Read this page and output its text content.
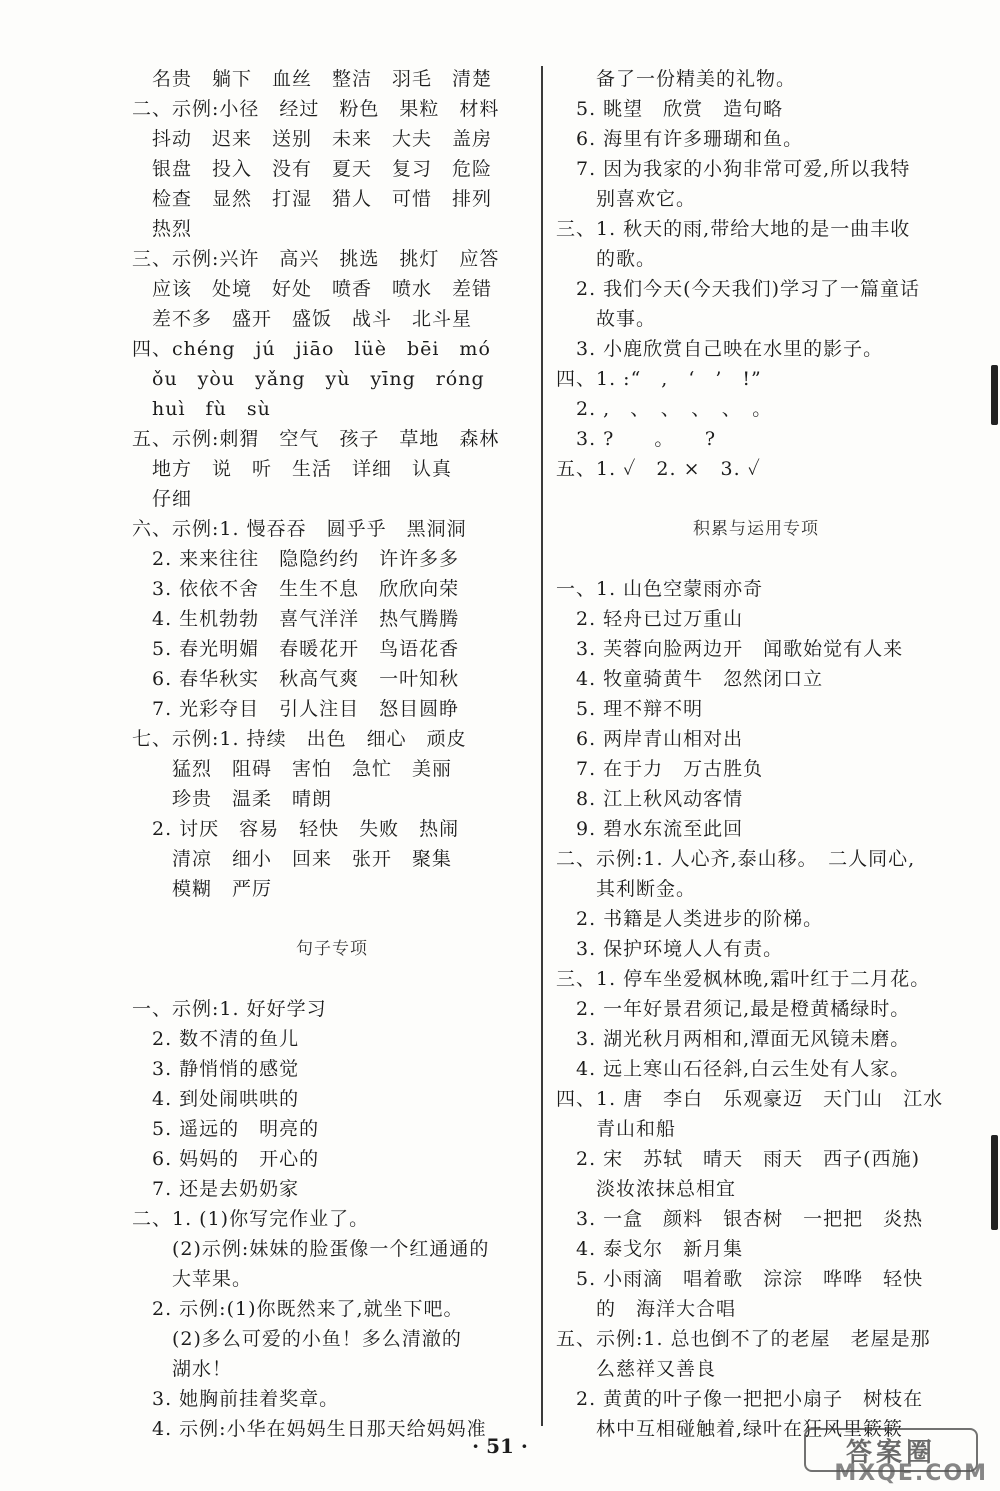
　名贵　躺下　血丝　整洁　羽毛　清楚
二、示例:小径　经过　粉色　果粒　材料
　抖动　迟来　送别　未来　大夫　盖房
　银盘　投入　没有　夏天　复习　危险
　检查　显然　打湿　猎人　可惜　排列
　热烈
三、示例:兴许　高兴　挑选　挑灯　应答
　应该　处境　好处　喷香　喷水　差错
　差不多　盛开　盛饭　战斗　北斗星
四、chéng　jú　jiāo　lüè　bēi　mó
　ǒu　yòu　yǎng　yù　yīng　róng
　huì　fù　sù
五、示例:刺猬　空气　孩子　草地　森林
　地方　说　听　生活　详细　认真
　仔细
六、示例:1. 慢吞吞　圆乎乎　黑洞洞
　2. 来来往往　隐隐约约　许许多多
　3. 依依不舍　生生不息　欣欣向荣
　4. 生机勃勃　喜气洋洋　热气腾腾
　5. 春光明媚　春暖花开　鸟语花香
　6. 春华秋实　秋高气爽　一叶知秋
　7. 光彩夺目　引人注目　怒目圆睁
七、示例:1. 持续　出色　细心　顽皮
　　猛烈　阻碍　害怕　急忙　美丽
　　珍贵　温柔　晴朗
　2. 讨厌　容易　轻快　失败　热闹
　　清凉　细小　回来　张开　聚集
　　模糊　严厉
句子专项
一、示例:1. 好好学习
　2. 数不清的鱼儿
　3. 静悄悄的感觉
　4. 到处闹哄哄的
　5. 遥远的　明亮的
　6. 妈妈的　开心的
　7. 还是去奶奶家
二、1. (1)你写完作业了。
　　(2)示例:妹妹的脸蛋像一个红通通的
　　大苹果。
　2. 示例:(1)你既然来了,就坐下吧。
　　(2)多么可爱的小鱼！多么清澈的
　　湖水！
　3. 她胸前挂着奖章。
　4. 示例:小华在妈妈生日那天给妈妈准
　　备了一份精美的礼物。
　5. 眺望　欣赏　造句略
　6. 海里有许多珊瑚和鱼。
　7. 因为我家的小狗非常可爱,所以我特
　　别喜欢它。
三、1. 秋天的雨,带给大地的是一曲丰收
　　的歌。
　2. 我们今天(今天我们)学习了一篇童话
　　故事。
　3. 小鹿欣赏自己映在水里的影子。
四、1. :“　,　‘　’　!”
　2. ,　、　、　、　、　。
　3. ?　　。　　?
五、1. ✓　2. ×　3. ✓
积累与运用专项
一、1. 山色空蒙雨亦奇
　2. 轻舟已过万重山
　3. 芙蓉向脸两边开　闻歌始觉有人来
　4. 牧童骑黄牛　忽然闭口立
　5. 理不辩不明
　6. 两岸青山相对出
　7. 在于力　万古胜负
　8. 江上秋风动客情
　9. 碧水东流至此回
二、示例:1. 人心齐,泰山移。　二人同心,
　　其利断金。
　2. 书籍是人类进步的阶梯。
　3. 保护环境人人有责。
三、1. 停车坐爱枫林晚,霜叶红于二月花。
　2. 一年好景君须记,最是橙黄橘绿时。
　3. 湖光秋月两相和,潭面无风镜未磨。
　4. 远上寒山石径斜,白云生处有人家。
四、1. 唐　李白　乐观豪迈　天门山　江水
　　青山和船
　2. 宋　苏轼　晴天　雨天　西子(西施)
　　淡妆浓抹总相宜
　3. 一盒　颜料　银杏树　一把把　炎热
　4. 泰戈尔　新月集
　5. 小雨滴　唱着歌　淙淙　哗哗　轻快
　　的　海洋大合唱
五、示例:1. 总也倒不了的老屋　老屋是那
　　么慈祥又善良
　2. 黄黄的叶子像一把把小扇子　树枝在
　　林中互相碰触着,绿叶在狂风里簌簌
· 51 ·	答案圈
MXQE.COM
